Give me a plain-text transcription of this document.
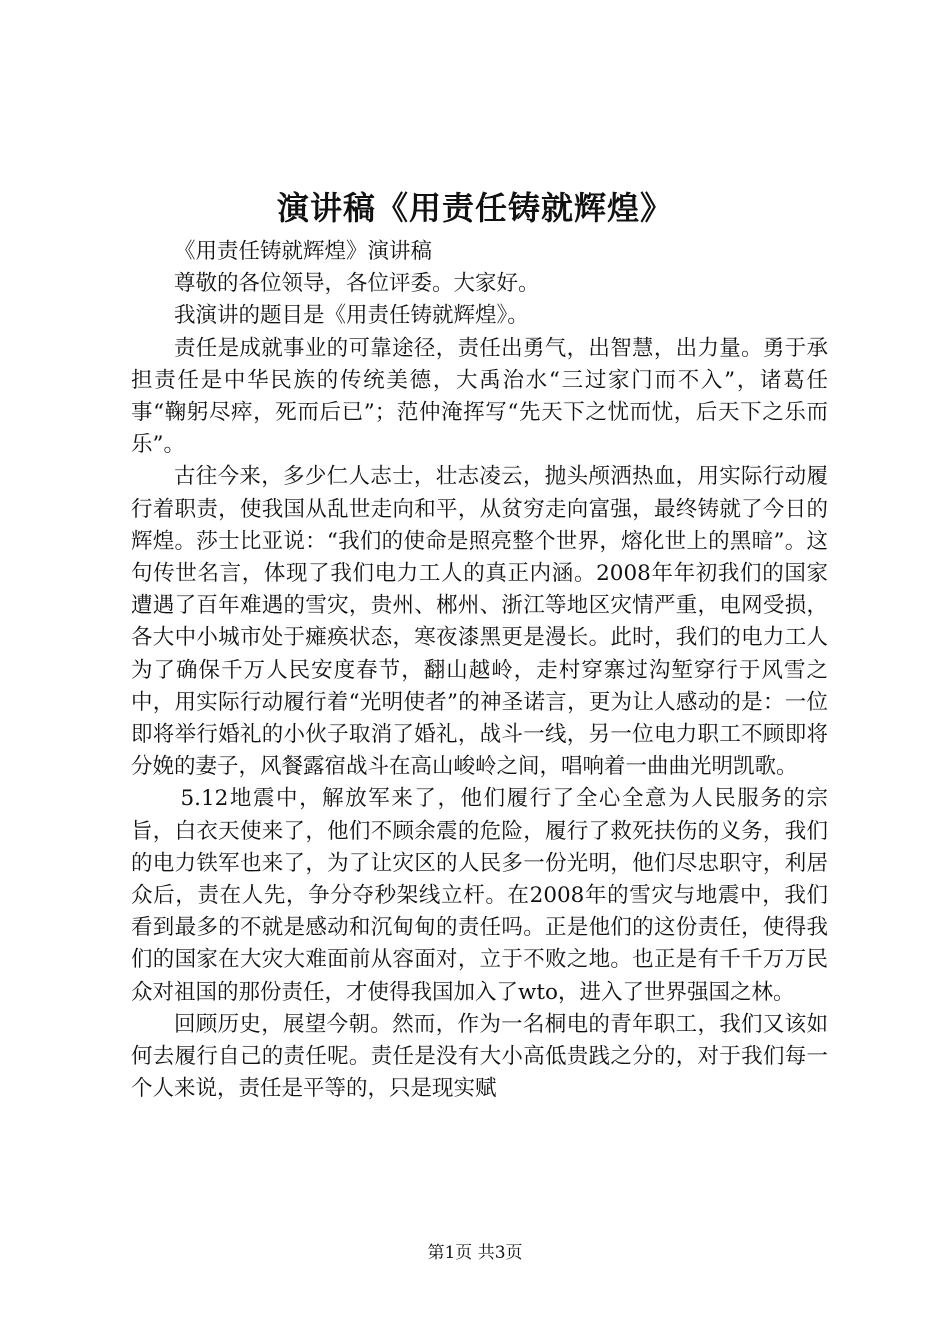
演讲稿《用责任铸就辉煌》

《用责任铸就辉煌》演讲稿

尊敬的各位领导，各位评委。大家好。

我演讲的题目是《用责任铸就辉煌》。

责任是成就事业的可靠途径，责任出勇气，出智慧，出力量。勇于承担责任是中华民族的传统美德，大禹治水“三过家门而不入”，诸葛任事“鞠躬尽瘁，死而后已”；范仲淹挥写“先天下之忧而忧，后天下之乐而乐”。

古往今来，多少仁人志士，壮志凌云，抛头颅洒热血，用实际行动履行着职责，使我国从乱世走向和平，从贫穷走向富强，最终铸就了今日的辉煌。莎士比亚说：“我们的使命是照亮整个世界，熔化世上的黑暗”。这句传世名言，体现了我们电力工人的真正内涵。2008年年初我们的国家遭遇了百年难遇的雪灾，贵州、郴州、浙江等地区灾情严重，电网受损，各大中小城市处于瘫痪状态，寒夜漆黑更是漫长。此时，我们的电力工人为了确保千万人民安度春节，翻山越岭，走村穿寨过沟堑穿行于风雪之中，用实际行动履行着“光明使者”的神圣诺言，更为让人感动的是：一位即将举行婚礼的小伙子取消了婚礼，战斗一线，另一位电力职工不顾即将分娩的妻子，风餐露宿战斗在高山峻岭之间，唱响着一曲曲光明凯歌。

5.12地震中，解放军来了，他们履行了全心全意为人民服务的宗旨，白衣天使来了，他们不顾余震的危险，履行了救死扶伤的义务，我们的电力铁军也来了，为了让灾区的人民多一份光明，他们尽忠职守，利居众后，责在人先，争分夺秒架线立杆。在2008年的雪灾与地震中，我们看到最多的不就是感动和沉甸甸的责任吗。正是他们的这份责任，使得我们的国家在大灾大难面前从容面对，立于不败之地。也正是有千千万万民众对祖国的那份责任，才使得我国加入了wto，进入了世界强国之林。

回顾历史，展望今朝。然而，作为一名桐电的青年职工，我们又该如何去履行自己的责任呢。责任是没有大小高低贵践之分的，对于我们每一个人来说，责任是平等的，只是现实赋

第1页 共3页
